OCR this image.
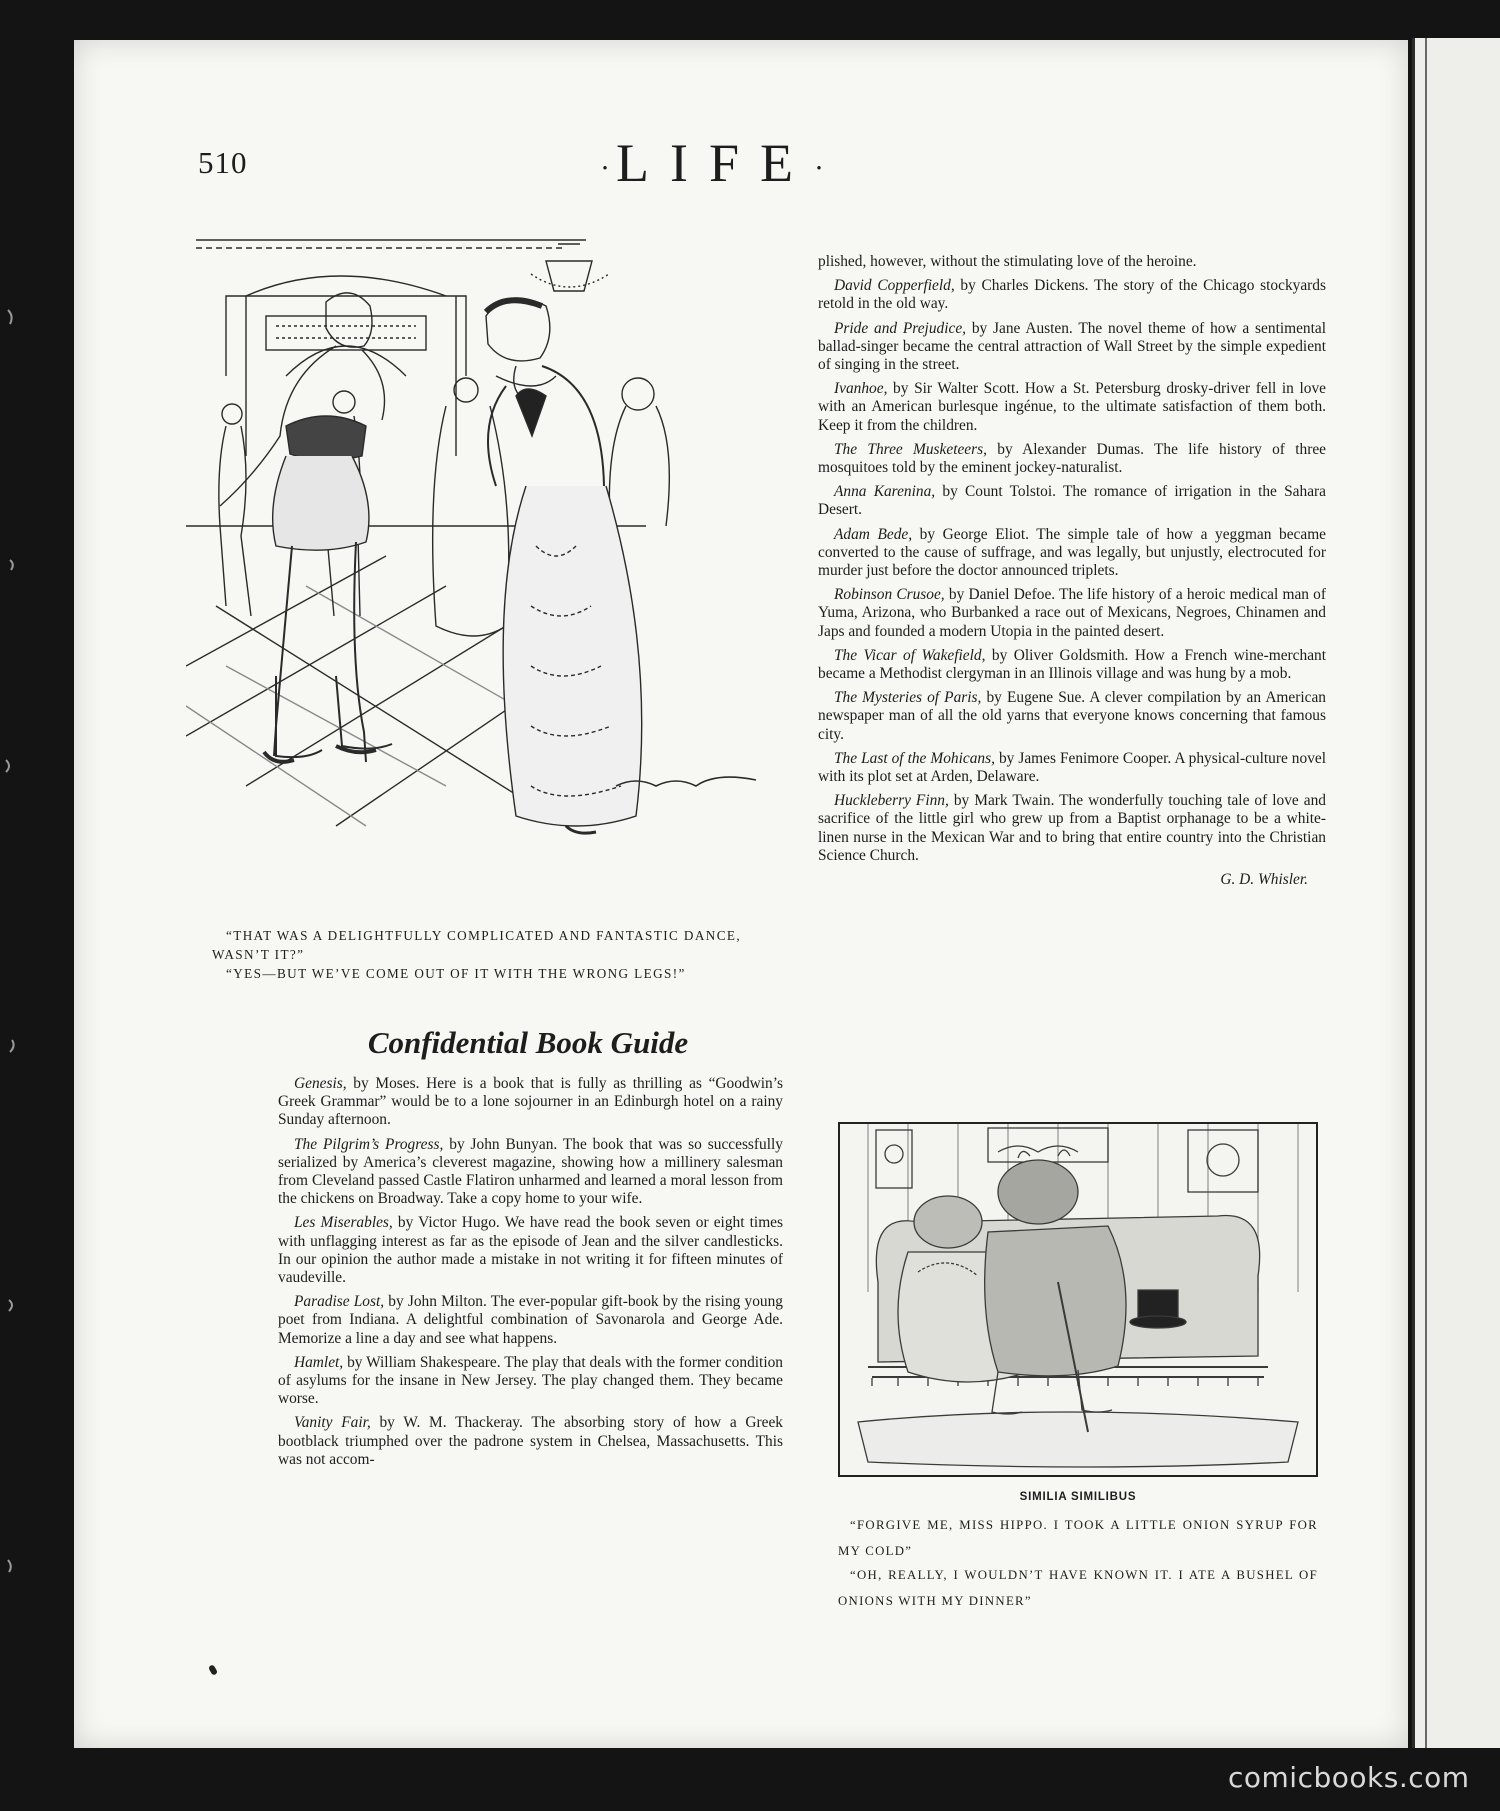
510	·LIFE·

“THAT WAS A DELIGHTFULLY COMPLICATED AND FANTASTIC DANCE, WASN’T IT?”

“YES—BUT WE’VE COME OUT OF IT WITH THE WRONG LEGS!”

Confidential Book Guide

Genesis, by Moses. Here is a book that is fully as thrilling as “Goodwin’s Greek Grammar” would be to a lone sojourner in an Edinburgh hotel on a rainy Sunday afternoon.

The Pilgrim’s Progress, by John Bunyan. The book that was so successfully serialized by America’s cleverest magazine, showing how a millinery salesman from Cleveland passed Castle Flatiron unharmed and learned a moral lesson from the chickens on Broadway. Take a copy home to your wife.

Les Miserables, by Victor Hugo. We have read the book seven or eight times with unflagging interest as far as the episode of Jean and the silver candlesticks. In our opinion the author made a mistake in not writing it for fifteen minutes of vaudeville.

Paradise Lost, by John Milton. The ever-popular gift-book by the rising young poet from Indiana. A delightful combination of Savonarola and George Ade. Memorize a line a day and see what happens.

Hamlet, by William Shakespeare. The play that deals with the former condition of asylums for the insane in New Jersey. The play changed them. They became worse.

Vanity Fair, by W. M. Thackeray. The absorbing story of how a Greek bootblack triumphed over the padrone system in Chelsea, Massachusetts. This was not accom-

plished, however, without the stimulating love of the heroine.

David Copperfield, by Charles Dickens. The story of the Chicago stockyards retold in the old way.

Pride and Prejudice, by Jane Austen. The novel theme of how a sentimental ballad-singer became the central attraction of Wall Street by the simple expedient of singing in the street.

Ivanhoe, by Sir Walter Scott. How a St. Petersburg drosky-driver fell in love with an American burlesque ingénue, to the ultimate satisfaction of them both. Keep it from the children.

The Three Musketeers, by Alexander Dumas. The life history of three mosquitoes told by the eminent jockey-naturalist.

Anna Karenina, by Count Tolstoi. The romance of irrigation in the Sahara Desert.

Adam Bede, by George Eliot. The simple tale of how a yeggman became converted to the cause of suffrage, and was legally, but unjustly, electrocuted for murder just before the doctor announced triplets.

Robinson Crusoe, by Daniel Defoe. The life history of a heroic medical man of Yuma, Arizona, who Burbanked a race out of Mexicans, Negroes, Chinamen and Japs and founded a modern Utopia in the painted desert.

The Vicar of Wakefield, by Oliver Goldsmith. How a French wine-merchant became a Methodist clergyman in an Illinois village and was hung by a mob.

The Mysteries of Paris, by Eugene Sue. A clever compilation by an American newspaper man of all the old yarns that everyone knows concerning that famous city.

The Last of the Mohicans, by James Fenimore Cooper. A physical-culture novel with its plot set at Arden, Delaware.

Huckleberry Finn, by Mark Twain. The wonderfully touching tale of love and sacrifice of the little girl who grew up from a Baptist orphanage to be a white-linen nurse in the Mexican War and to bring that entire country into the Christian Science Church.

G. D. Whisler.
SIMILIA SIMILIBUS

“FORGIVE ME, MISS HIPPO. I TOOK A LITTLE ONION SYRUP FOR MY COLD”

“OH, REALLY, I WOULDN’T HAVE KNOWN IT. I ATE A BUSHEL OF ONIONS WITH MY DINNER”

comicbooks.com
